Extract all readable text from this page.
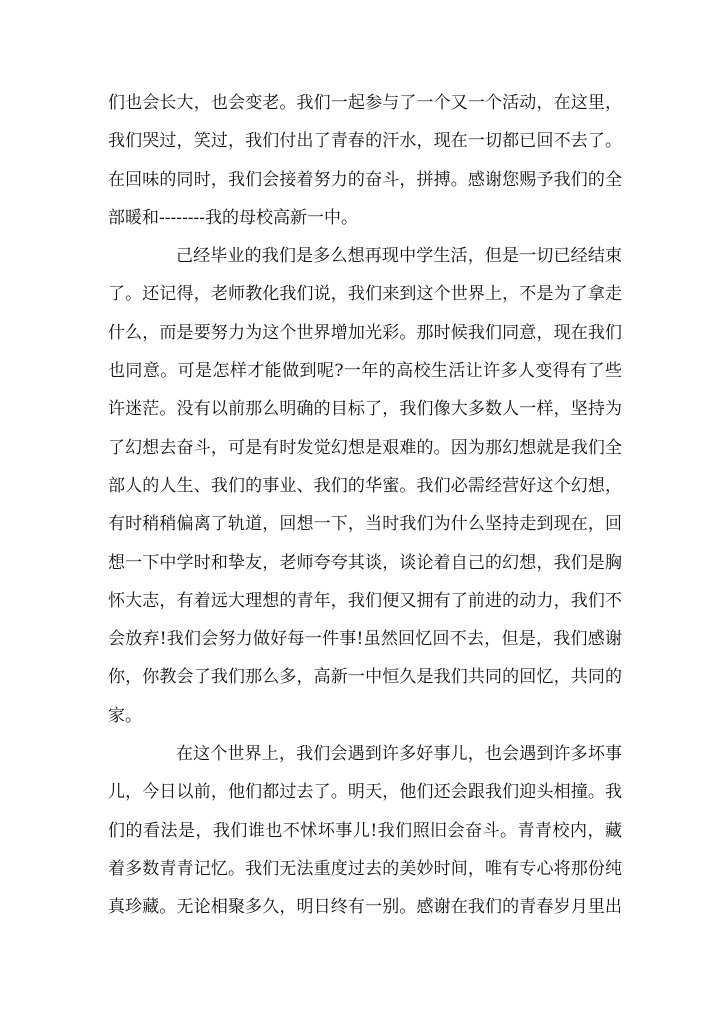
们也会长大，也会变老。我们一起参与了一个又一个活动，在这里，
我们哭过，笑过，我们付出了青春的汗水，现在一切都已回不去了。
在回味的同时，我们会接着努力的奋斗，拼搏。感谢您赐予我们的全
部暖和--------我的母校高新一中。
己经毕业的我们是多么想再现中学生活，但是一切已经结束
了。还记得，老师教化我们说，我们来到这个世界上，不是为了拿走
什么，而是要努力为这个世界增加光彩。那时候我们同意，现在我们
也同意。可是怎样才能做到呢?一年的高校生活让许多人变得有了些
许迷茫。没有以前那么明确的目标了，我们像大多数人一样，坚持为
了幻想去奋斗，可是有时发觉幻想是艰难的。因为那幻想就是我们全
部人的人生、我们的事业、我们的华蜜。我们必需经营好这个幻想，
有时稍稍偏离了轨道，回想一下，当时我们为什么坚持走到现在，回
想一下中学时和挚友，老师夸夸其谈，谈论着自己的幻想，我们是胸
怀大志，有着远大理想的青年，我们便又拥有了前进的动力，我们不
会放弃!我们会努力做好每一件事!虽然回忆回不去，但是，我们感谢
你，你教会了我们那么多，高新一中恒久是我们共同的回忆，共同的
家。
在这个世界上，我们会遇到许多好事儿，也会遇到许多坏事
儿，今日以前，他们都过去了。明天，他们还会跟我们迎头相撞。我
们的看法是，我们谁也不怵坏事儿!我们照旧会奋斗。青青校内，藏
着多数青青记忆。我们无法重度过去的美妙时间，唯有专心将那份纯
真珍藏。无论相聚多久，明日终有一别。感谢在我们的青春岁月里出
